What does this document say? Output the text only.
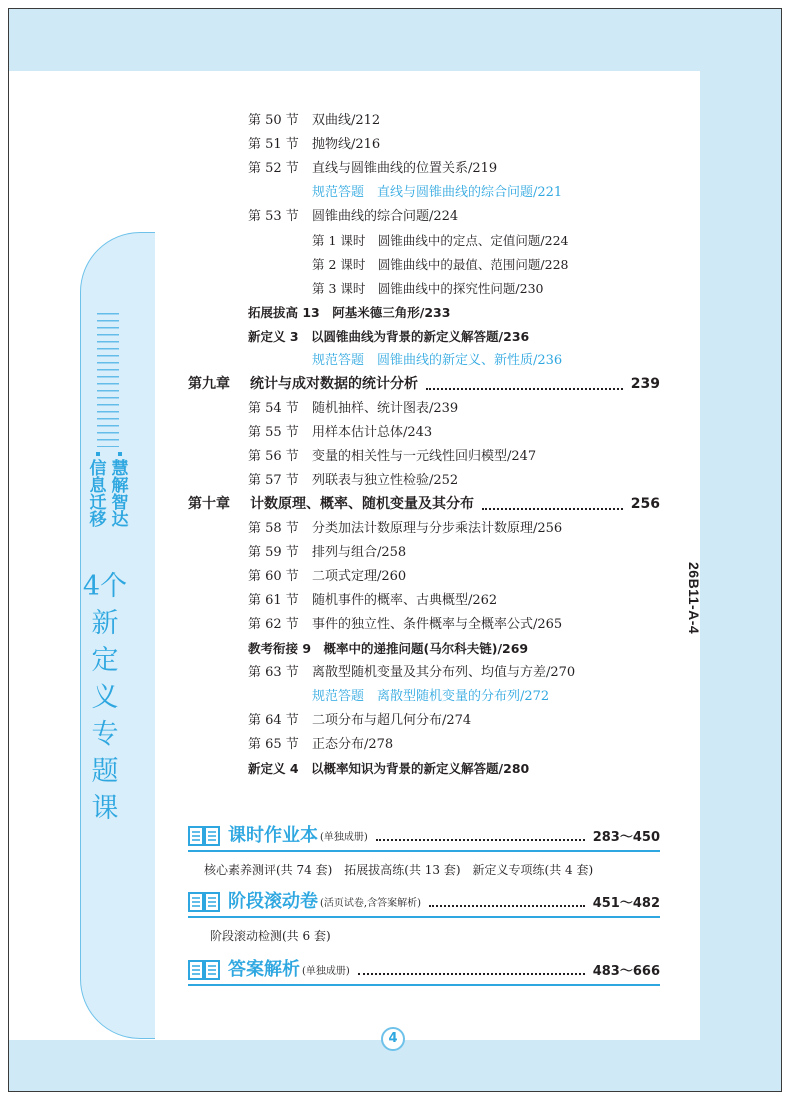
信息迁移
慧解智达
4个新定义专题课
26B11-A-4
第 50 节 双曲线/212
第 51 节 抛物线/216
第 52 节 直线与圆锥曲线的位置关系/219
规范答题　直线与圆锥曲线的综合问题/221
第 53 节 圆锥曲线的综合问题/224
第 1 课时　圆锥曲线中的定点、定值问题/224
第 2 课时　圆锥曲线中的最值、范围问题/228
第 3 课时　圆锥曲线中的探究性问题/230
拓展拔高 13　阿基米德三角形/233
新定义 3　以圆锥曲线为背景的新定义解答题/236
规范答题　圆锥曲线的新定义、新性质/236
第九章	统计与成对数据的统计分析	239
第 54 节 随机抽样、统计图表/239
第 55 节 用样本估计总体/243
第 56 节 变量的相关性与一元线性回归模型/247
第 57 节 列联表与独立性检验/252
第十章	计数原理、概率、随机变量及其分布	256
第 58 节 分类加法计数原理与分步乘法计数原理/256
第 59 节 排列与组合/258
第 60 节 二项式定理/260
第 61 节 随机事件的概率、古典概型/262
第 62 节 事件的独立性、条件概率与全概率公式/265
教考衔接 9　概率中的递推问题(马尔科夫链)/269
第 63 节 离散型随机变量及其分布列、均值与方差/270
规范答题　离散型随机变量的分布列/272
第 64 节 二项分布与超几何分布/274
第 65 节 正态分布/278
新定义 4　以概率知识为背景的新定义解答题/280
课时作业本 (单独成册)	283～450
核心素养测评(共 74 套)　拓展拔高练(共 13 套)　新定义专项练(共 4 套)
阶段滚动卷 (活页试卷,含答案解析)	451～482
阶段滚动检测(共 6 套)
答案解析 (单独成册)	483～666
4
